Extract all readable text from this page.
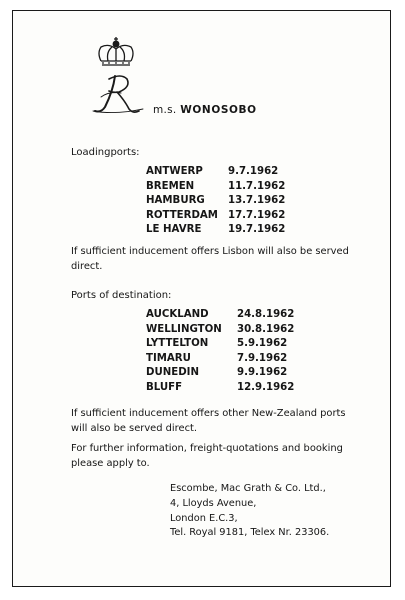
m.s. WONOSOBO
Loadingports:
ANTWERP 9.7.1962
BREMEN	11.7.1962
HAMBURG 13.7.1962
ROTTERDAM 17.7.1962
LE HAVRE	19.7.1962
If sufficient inducement offers Lisbon will also be served
direct.
Ports of destination:
AUCKLAND	24.8.1962
WELLINGTON 30.8.1962
LYTTELTON	5.9.1962
TIMARU	7.9.1962
DUNEDIN	9.9.1962
BLUFF	12.9.1962
If sufficient inducement offers other New-Zealand ports
will also be served direct.
For further information, freight-quotations and booking
please apply to.
Escombe, Mac Grath & Co. Ltd.,
4, Lloyds Avenue,
London E.C.3,
Tel. Royal 9181, Telex Nr. 23306.
